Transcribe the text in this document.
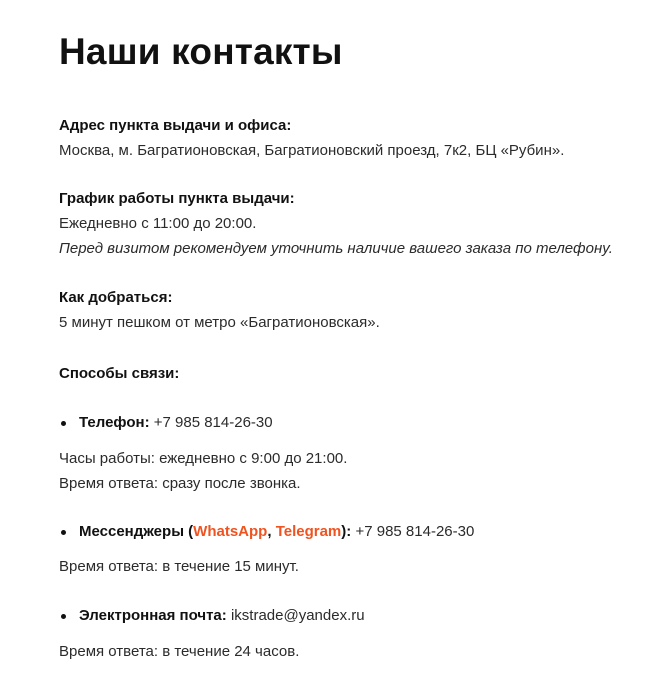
Наши контакты
Адрес пункта выдачи и офиса:
Москва, м. Багратионовская, Багратионовский проезд, 7к2, БЦ «Рубин».
График работы пункта выдачи:
Ежедневно с 11:00 до 20:00.
Перед визитом рекомендуем уточнить наличие вашего заказа по телефону.
Как добраться:
5 минут пешком от метро «Багратионовская».
Способы связи:
Телефон: +7 985 814-26-30
Часы работы: ежедневно с 9:00 до 21:00.
Время ответа: сразу после звонка.
Мессенджеры (WhatsApp, Telegram): +7 985 814-26-30
Время ответа: в течение 15 минут.
Электронная почта: ikstrade@yandex.ru
Время ответа: в течение 24 часов.
